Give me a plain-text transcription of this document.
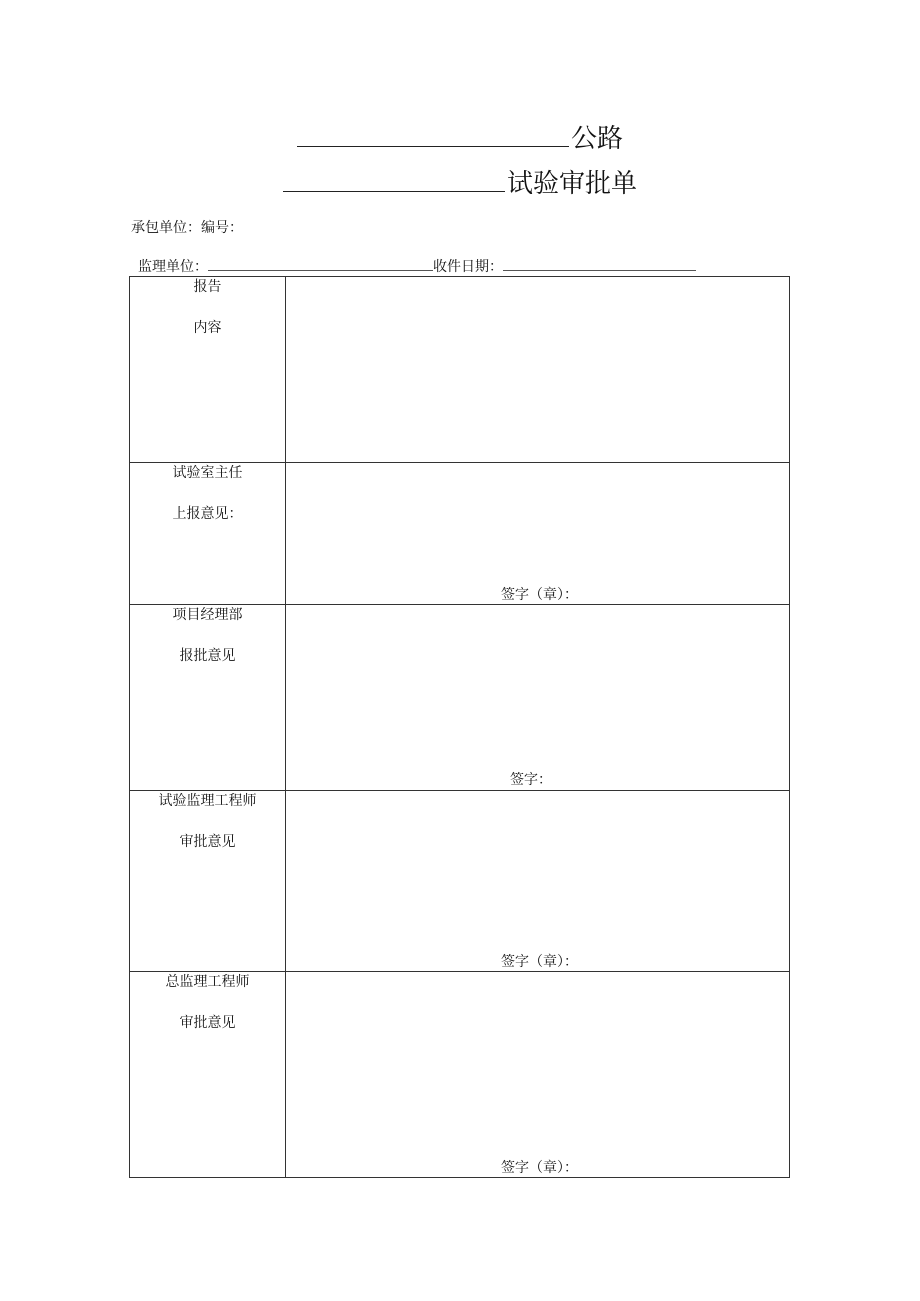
公路
试验审批单
承包单位：编号：
监理单位：	收件日期：
报告
内容	

试验室主任
上报意见：	签字（章）：

项目经理部
报批意见	签字：

试验监理工程师
审批意见	签字（章）：

总监理工程师
审批意见	签字（章）：
